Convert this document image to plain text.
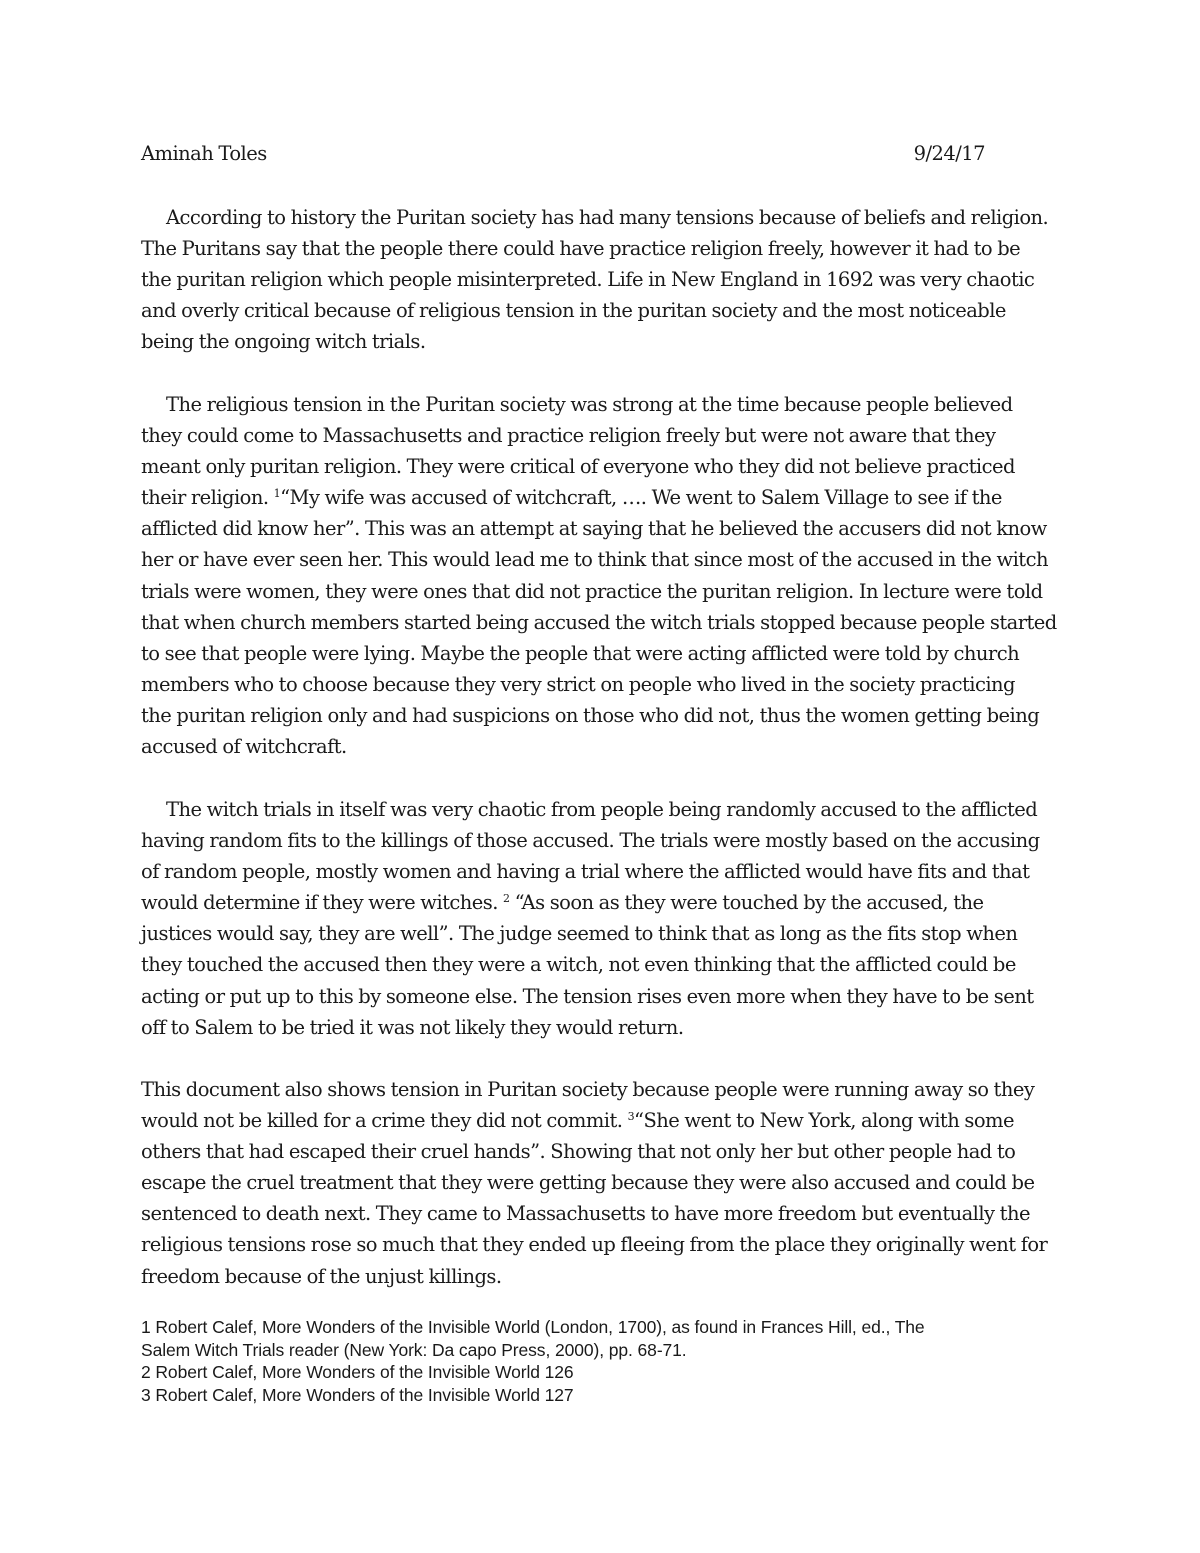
Aminah Toles	9/24/17
According to history the Puritan society has had many tensions because of beliefs and religion.
The Puritans say that the people there could have practice religion freely, however it had to be
the puritan religion which people misinterpreted. Life in New England in 1692 was very chaotic
and overly critical because of religious tension in the puritan society and the most noticeable
being the ongoing witch trials.
The religious tension in the Puritan society was strong at the time because people believed
they could come to Massachusetts and practice religion freely but were not aware that they
meant only puritan religion. They were critical of everyone who they did not believe practiced
their religion. $^1$“My wife was accused of witchcraft, …. We went to Salem Village to see if the
afflicted did know her”. This was an attempt at saying that he believed the accusers did not know
her or have ever seen her. This would lead me to think that since most of the accused in the witch
trials were women, they were ones that did not practice the puritan religion. In lecture were told
that when church members started being accused the witch trials stopped because people started
to see that people were lying. Maybe the people that were acting afflicted were told by church
members who to choose because they very strict on people who lived in the society practicing
the puritan religion only and had suspicions on those who did not, thus the women getting being
accused of witchcraft.
The witch trials in itself was very chaotic from people being randomly accused to the afflicted
having random fits to the killings of those accused. The trials were mostly based on the accusing
of random people, mostly women and having a trial where the afflicted would have fits and that
would determine if they were witches. $^2$ “As soon as they were touched by the accused, the
justices would say, they are well”. The judge seemed to think that as long as the fits stop when
they touched the accused then they were a witch, not even thinking that the afflicted could be
acting or put up to this by someone else. The tension rises even more when they have to be sent
off to Salem to be tried it was not likely they would return.
This document also shows tension in Puritan society because people were running away so they
would not be killed for a crime they did not commit. $^3$“She went to New York, along with some
others that had escaped their cruel hands”. Showing that not only her but other people had to
escape the cruel treatment that they were getting because they were also accused and could be
sentenced to death next. They came to Massachusetts to have more freedom but eventually the
religious tensions rose so much that they ended up fleeing from the place they originally went for
freedom because of the unjust killings.
1 Robert Calef, More Wonders of the Invisible World (London, 1700), as found in Frances Hill, ed., The
Salem Witch Trials reader (New York: Da capo Press, 2000), pp. 68-71.
2 Robert Calef, More Wonders of the Invisible World 126
3 Robert Calef, More Wonders of the Invisible World 127
